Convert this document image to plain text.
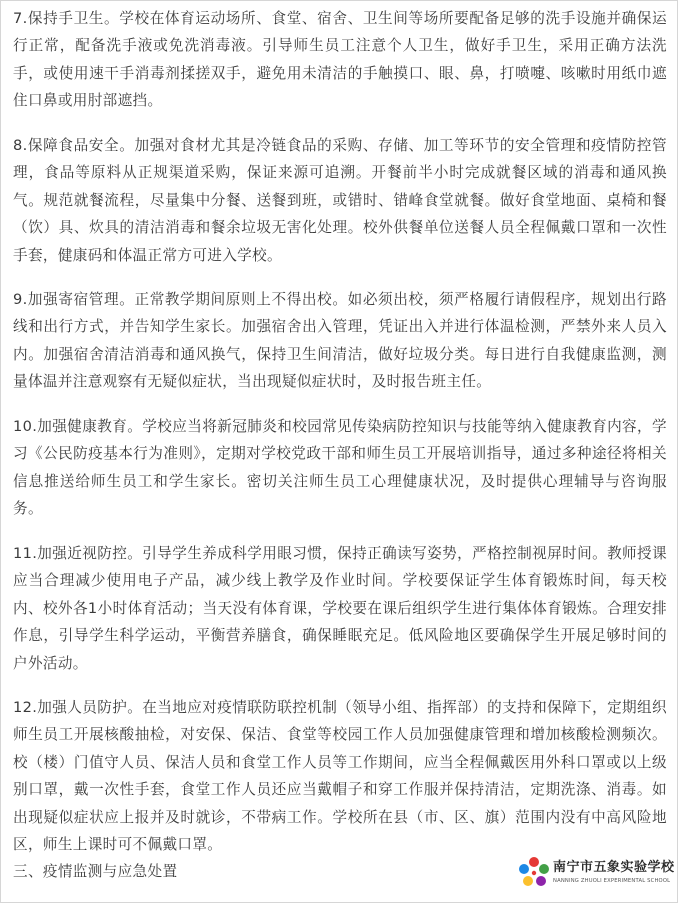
7.保持手卫生。学校在体育运动场所、食堂、宿舍、卫生间等场所要配备足够的洗手设施并确保运行正常，配备洗手液或免洗消毒液。引导师生员工注意个人卫生，做好手卫生，采用正确方法洗手，或使用速干手消毒剂揉搓双手，避免用未清洁的手触摸口、眼、鼻，打喷嚏、咳嗽时用纸巾遮住口鼻或用肘部遮挡。

8.保障食品安全。加强对食材尤其是冷链食品的采购、存储、加工等环节的安全管理和疫情防控管理，食品等原料从正规渠道采购，保证来源可追溯。开餐前半小时完成就餐区域的消毒和通风换气。规范就餐流程，尽量集中分餐、送餐到班，或错时、错峰食堂就餐。做好食堂地面、桌椅和餐（饮）具、炊具的清洁消毒和餐余垃圾无害化处理。校外供餐单位送餐人员全程佩戴口罩和一次性手套，健康码和体温正常方可进入学校。

9.加强寄宿管理。正常教学期间原则上不得出校。如必须出校，须严格履行请假程序，规划出行路线和出行方式，并告知学生家长。加强宿舍出入管理，凭证出入并进行体温检测，严禁外来人员入内。加强宿舍清洁消毒和通风换气，保持卫生间清洁，做好垃圾分类。每日进行自我健康监测，测量体温并注意观察有无疑似症状，当出现疑似症状时，及时报告班主任。

10.加强健康教育。学校应当将新冠肺炎和校园常见传染病防控知识与技能等纳入健康教育内容，学习《公民防疫基本行为准则》，定期对学校党政干部和师生员工开展培训指导，通过多种途径将相关信息推送给师生员工和学生家长。密切关注师生员工心理健康状况，及时提供心理辅导与咨询服务。

11.加强近视防控。引导学生养成科学用眼习惯，保持正确读写姿势，严格控制视屏时间。教师授课应当合理减少使用电子产品，减少线上教学及作业时间。学校要保证学生体育锻炼时间，每天校内、校外各1小时体育活动；当天没有体育课，学校要在课后组织学生进行集体体育锻炼。合理安排作息，引导学生科学运动，平衡营养膳食，确保睡眠充足。低风险地区要确保学生开展足够时间的户外活动。

12.加强人员防护。在当地应对疫情联防联控机制（领导小组、指挥部）的支持和保障下，定期组织师生员工开展核酸抽检，对安保、保洁、食堂等校园工作人员加强健康管理和增加核酸检测频次。校（楼）门值守人员、保洁人员和食堂工作人员等工作期间，应当全程佩戴医用外科口罩或以上级别口罩，戴一次性手套，食堂工作人员还应当戴帽子和穿工作服并保持清洁，定期洗涤、消毒。如出现疑似症状应上报并及时就诊，不带病工作。学校所在县（市、区、旗）范围内没有中高风险地区，师生上课时可不佩戴口罩。

三、疫情监测与应急处置	南宁市五象实验学校
NANNING ZHUOLI EXPERIMENTAL SCHOOL
